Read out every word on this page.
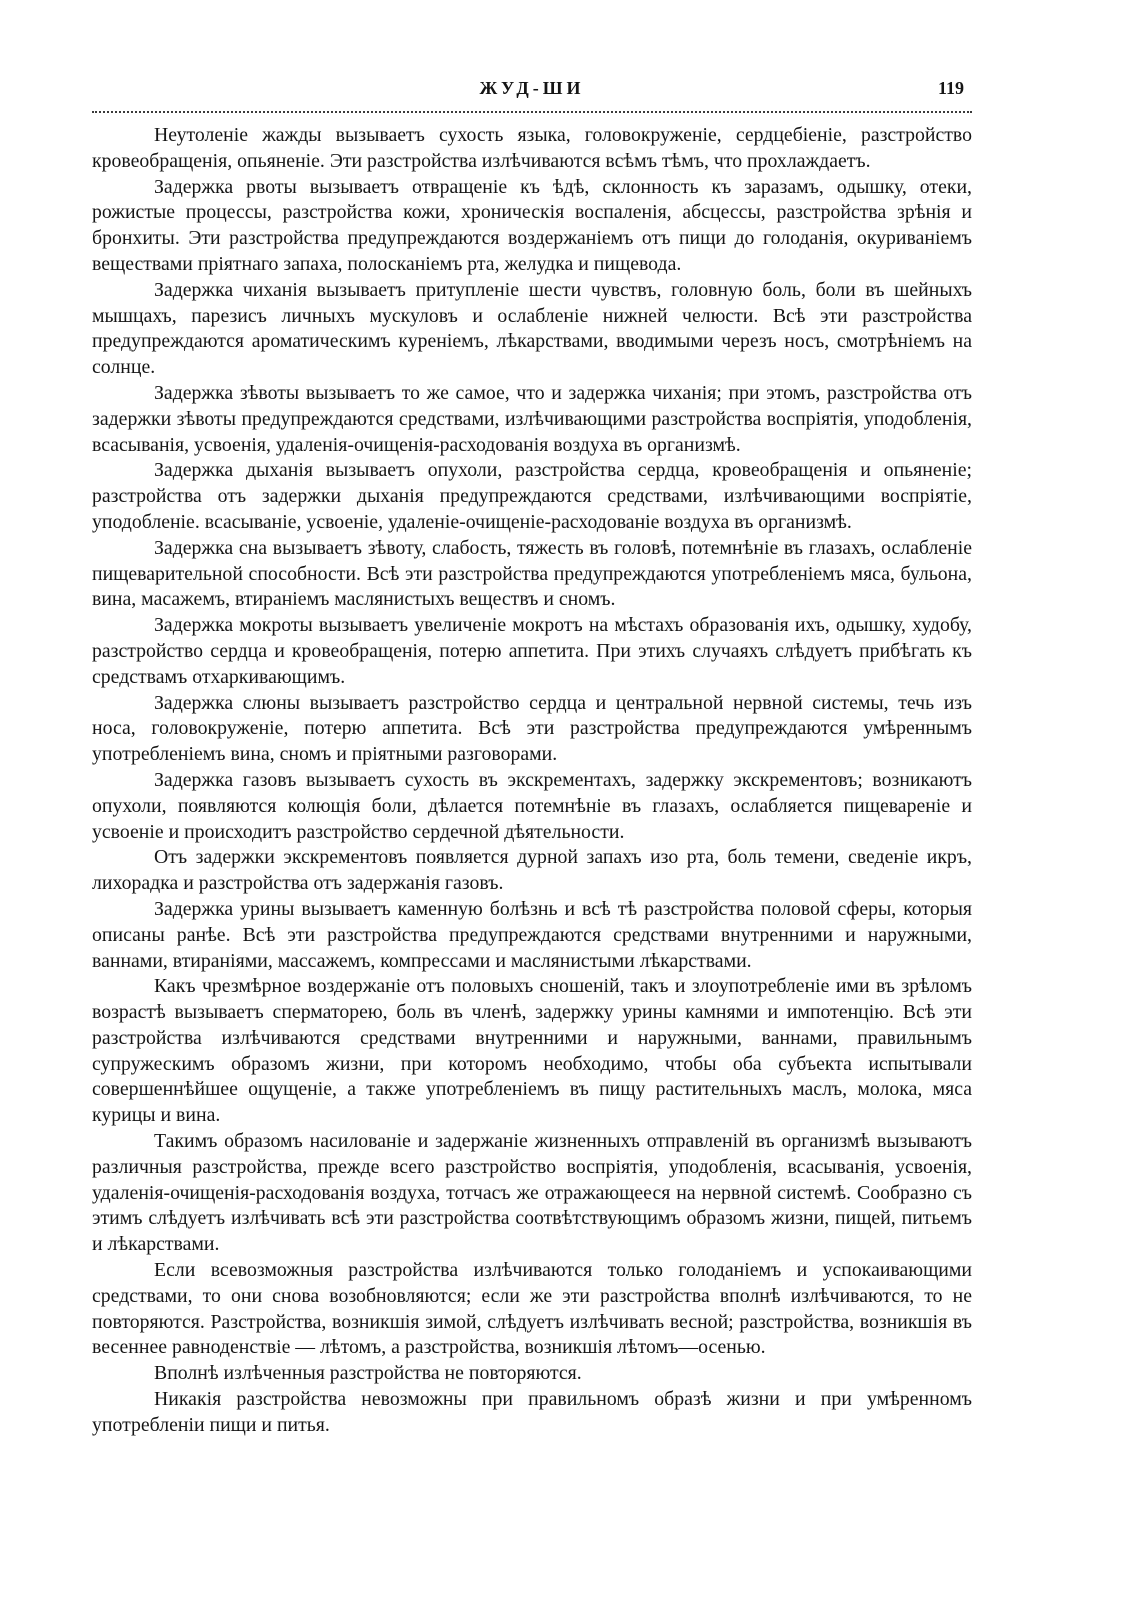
ЖУД-ШИ	119

Неутоленіе жажды вызываетъ сухость языка, головокруженіе, сердцебіеніе, разстройство кровеобращенія, опьяненіе. Эти разстройства излѣчиваются всѣмъ тѣмъ, что прохлаждаетъ.

Задержка рвоты вызываетъ отвращеніе къ ѣдѣ, склонность къ заразамъ, одышку, отеки, рожистые процессы, разстройства кожи, хроническія воспаленія, абсцессы, разстройства зрѣнія и бронхиты. Эти разстройства предупреждаются воздержаніемъ отъ пищи до голоданія, окуриваніемъ веществами пріятнаго запаха, полосканіемъ рта, желудка и пищевода.

Задержка чиханія вызываетъ притупленіе шести чувствъ, головную боль, боли въ шейныхъ мышцахъ, парезисъ личныхъ мускуловъ и ослабленіе нижней челюсти. Всѣ эти разстройства предупреждаются ароматическимъ куреніемъ, лѣкарствами, вводимыми черезъ носъ, смотрѣніемъ на солнце.

Задержка зѣвоты вызываетъ то же самое, что и задержка чиханія; при этомъ, разстройства отъ задержки зѣвоты предупреждаются средствами, излѣчивающими разстройства воспріятія, уподобленія, всасыванія, усвоенія, удаленія-очищенія-расходованія воздуха въ организмѣ.

Задержка дыханія вызываетъ опухоли, разстройства сердца, кровеобращенія и опьяненіе; разстройства отъ задержки дыханія предупреждаются средствами, излѣчивающими воспріятіе, уподобленіе. всасываніе, усвоеніе, удаленіе-очищеніе-расходованіе воздуха въ организмѣ.

Задержка сна вызываетъ зѣвоту, слабость, тяжесть въ головѣ, потемнѣніе въ глазахъ, ослабленіе пищеварительной способности. Всѣ эти разстройства предупреждаются употребленіемъ мяса, бульона, вина, масажемъ, втираніемъ маслянистыхъ веществъ и сномъ.

Задержка мокроты вызываетъ увеличеніе мокротъ на мѣстахъ образованія ихъ, одышку, худобу, разстройство сердца и кровеобращенія, потерю аппетита. При этихъ случаяхъ слѣдуетъ прибѣгать къ средствамъ отхаркивающимъ.

Задержка слюны вызываетъ разстройство сердца и центральной нервной системы, течь изъ носа, головокруженіе, потерю аппетита. Всѣ эти разстройства предупреждаются умѣреннымъ употребленіемъ вина, сномъ и пріятными разговорами.

Задержка газовъ вызываетъ сухость въ экскрементахъ, задержку экскрементовъ; возникаютъ опухоли, появляются колющія боли, дѣлается потемнѣніе въ глазахъ, ослабляется пищевареніе и усвоеніе и происходитъ разстройство сердечной дѣятельности.

Отъ задержки экскрементовъ появляется дурной запахъ изо рта, боль темени, сведеніе икръ, лихорадка и разстройства отъ задержанія газовъ.

Задержка урины вызываетъ каменную болѣзнь и всѣ тѣ разстройства половой сферы, которыя описаны ранѣе. Всѣ эти разстройства предупреждаются средствами внутренними и наружными, ваннами, втираніями, массажемъ, компрессами и маслянистыми лѣкарствами.

Какъ чрезмѣрное воздержаніе отъ половыхъ сношеній, такъ и злоупотребленіе ими въ зрѣломъ возрастѣ вызываетъ сперматорею, боль въ членѣ, задержку урины камнями и импотенцію. Всѣ эти разстройства излѣчиваются средствами внутренними и наружными, ваннами, правильнымъ супружескимъ образомъ жизни, при которомъ необходимо, чтобы оба субъекта испытывали совершеннѣйшее ощущеніе, а также употребленіемъ въ пищу растительныхъ маслъ, молока, мяса курицы и вина.

Такимъ образомъ насилованіе и задержаніе жизненныхъ отправленій въ организмѣ вызываютъ различныя разстройства, прежде всего разстройство воспріятія, уподобленія, всасыванія, усвоенія, удаленія-очищенія-расходованія воздуха, тотчасъ же отражающееся на нервной системѣ. Сообразно съ этимъ слѣдуетъ излѣчивать всѣ эти разстройства соотвѣтствующимъ образомъ жизни, пищей, питьемъ и лѣкарствами.

Если всевозможныя разстройства излѣчиваются только голоданіемъ и успокаивающими средствами, то они снова возобновляются; если же эти разстройства вполнѣ излѣчиваются, то не повторяются. Разстройства, возникшія зимой, слѣдуетъ излѣчивать весной; разстройства, возникшія въ весеннее равноденствіе — лѣтомъ, а разстройства, возникшія лѣтомъ—осенью.

Вполнѣ излѣченныя разстройства не повторяются.

Никакія разстройства невозможны при правильномъ образѣ жизни и при умѣренномъ употребленіи пищи и питья.
